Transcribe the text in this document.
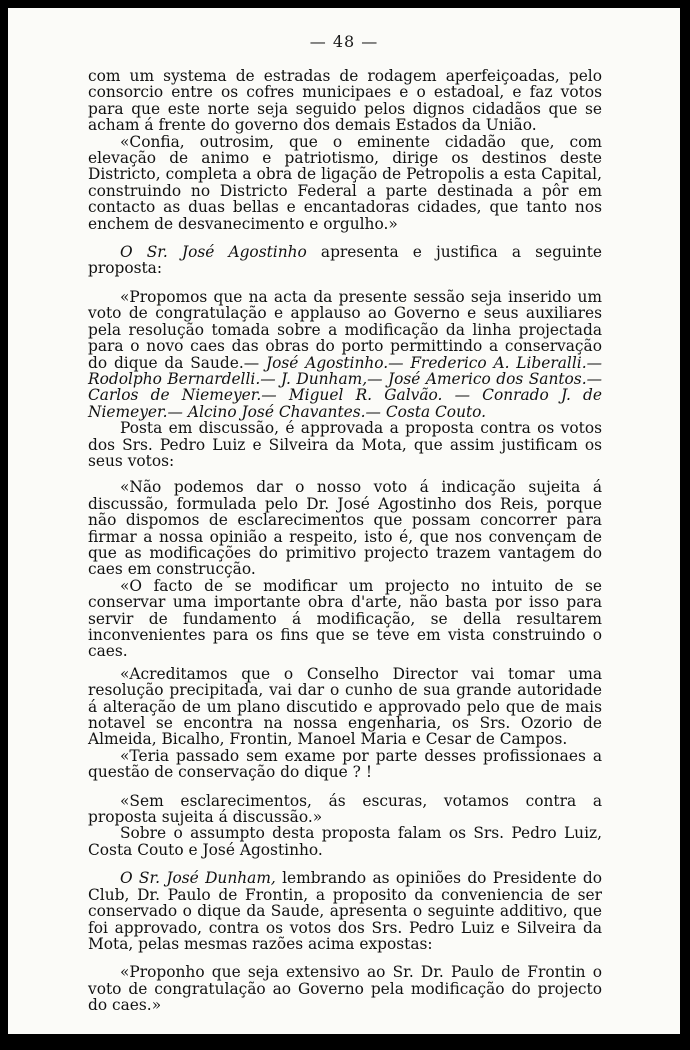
— 48 —

com um systema de estradas de rodagem aperfeiçoadas, pelo consorcio entre os cofres municipaes e o estadoal, e faz votos para que este norte seja seguido pelos dignos cidadãos que se acham á frente do governo dos demais Estados da União.

«Confia, outrosim, que o eminente cidadão que, com elevação de animo e patriotismo, dirige os destinos deste Districto, completa a obra de ligação de Petropolis a esta Capital, construindo no Districto Federal a parte destinada a pôr em contacto as duas bellas e encantadoras cidades, que tanto nos enchem de desvanecimento e orgulho.»

O Sr. José Agostinho apresenta e justifica a seguinte proposta:

«Propomos que na acta da presente sessão seja inserido um voto de congratulação e applauso ao Governo e seus auxiliares pela resolução tomada sobre a modificação da linha projectada para o novo caes das obras do porto permittindo a conservação do dique da Saude.— José Agostinho.— Frederico A. Liberalli.— Rodolpho Bernardelli.— J. Dunham,— José Americo dos Santos.— Carlos de Niemeyer.— Miguel R. Galvão. — Conrado J. de Niemeyer.— Alcino José Chavantes.— Costa Couto.

Posta em discussão, é approvada a proposta contra os votos dos Srs. Pedro Luiz e Silveira da Mota, que assim justificam os seus votos:

«Não podemos dar o nosso voto á indicação sujeita á discussão, formulada pelo Dr. José Agostinho dos Reis, porque não dispomos de esclarecimentos que possam concorrer para firmar a nossa opinião a respeito, isto é, que nos convençam de que as modificações do primitivo projecto trazem vantagem do caes em construcção.

«O facto de se modificar um projecto no intuito de se conservar uma importante obra d'arte, não basta por isso para servir de fundamento á modificação, se della resultarem inconvenientes para os fins que se teve em vista construindo o caes.

«Acreditamos que o Conselho Director vai tomar uma resolução precipitada, vai dar o cunho de sua grande autoridade á alteração de um plano discutido e approvado pelo que de mais notavel se encontra na nossa engenharia, os Srs. Ozorio de Almeida, Bicalho, Frontin, Manoel Maria e Cesar de Campos.

«Teria passado sem exame por parte desses profissionaes a questão de conservação do dique ? !

«Sem esclarecimentos, ás escuras, votamos contra a proposta sujeita á discussão.»

Sobre o assumpto desta proposta falam os Srs. Pedro Luiz, Costa Couto e José Agostinho.

O Sr. José Dunham, lembrando as opiniões do Presidente do Club, Dr. Paulo de Frontin, a proposito da conveniencia de ser conservado o dique da Saude, apresenta o seguinte additivo, que foi approvado, contra os votos dos Srs. Pedro Luiz e Silveira da Mota, pelas mesmas razões acima expostas:

«Proponho que seja extensivo ao Sr. Dr. Paulo de Frontin o voto de congratulação ao Governo pela modificação do projecto do caes.»
